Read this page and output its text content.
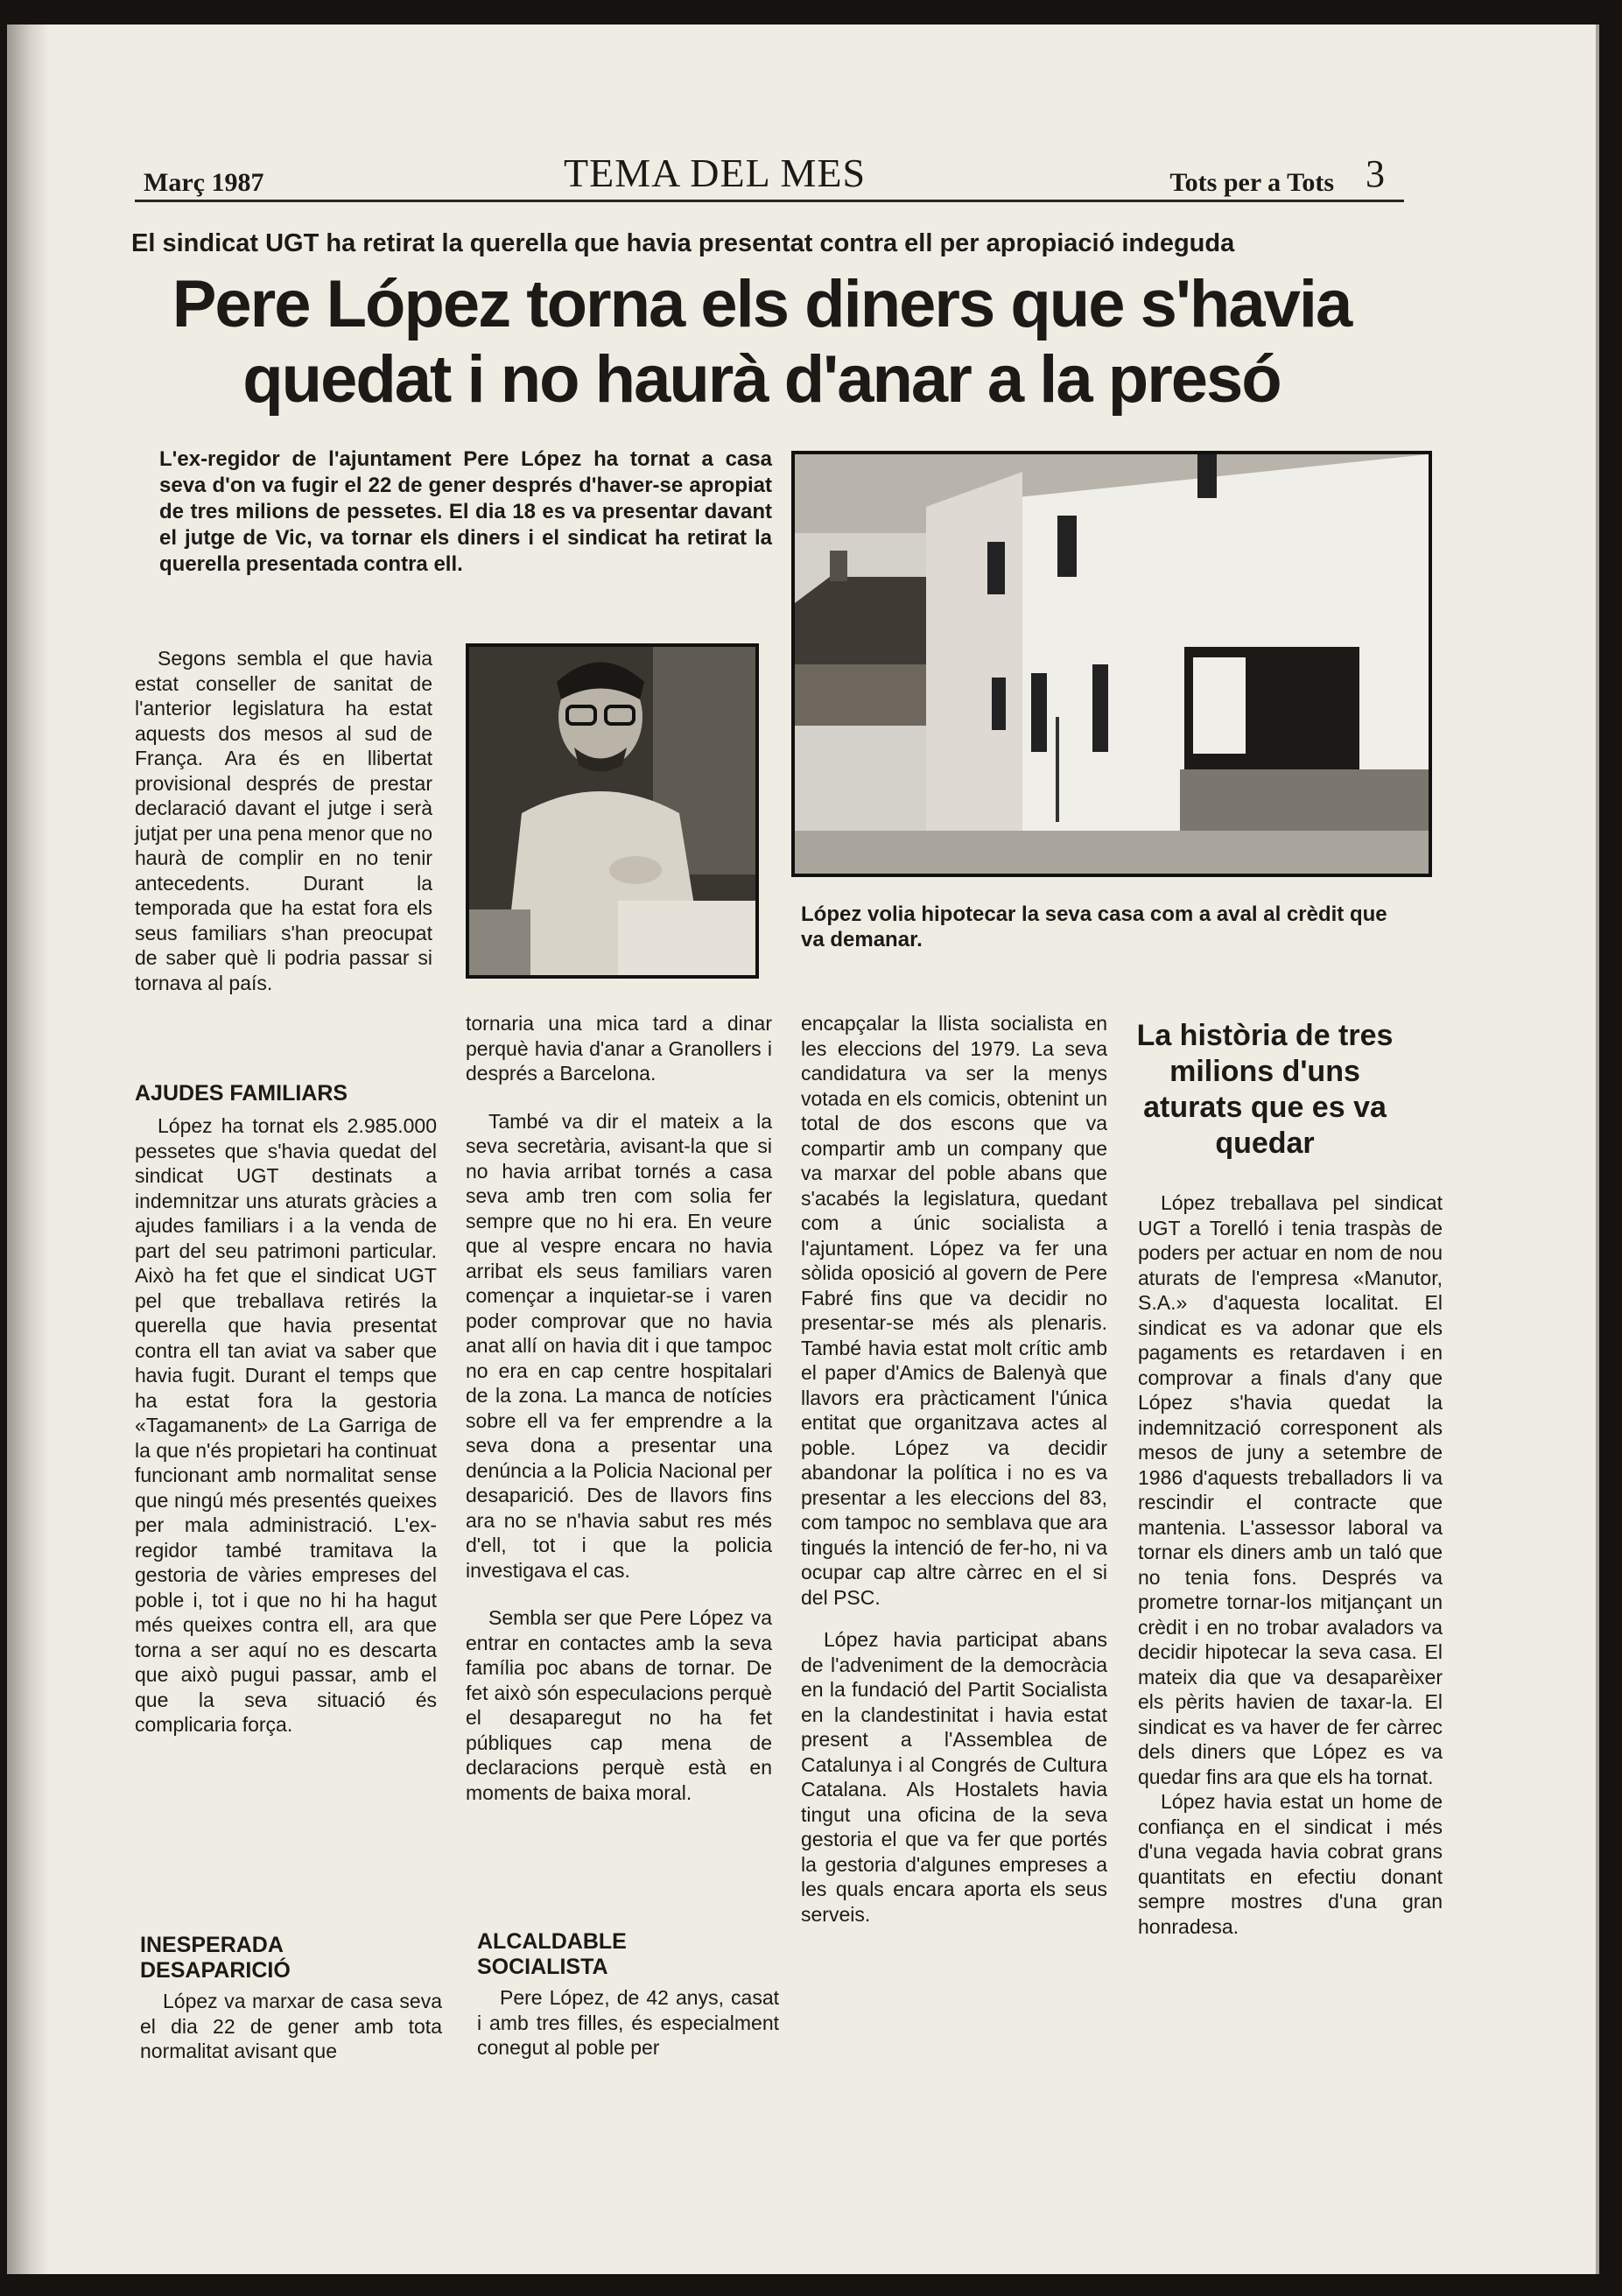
Març 1987	TEMA DEL MES	Tots per a Tots 3
El sindicat UGT ha retirat la querella que havia presentat contra ell per apropiació indeguda
Pere López torna els diners que s'havia
quedat i no haurà d'anar a la presó
L'ex-regidor de l'ajuntament Pere López ha tornat a casa seva d'on va fugir el 22 de gener després d'haver-se apropiat de tres milions de pessetes. El dia 18 es va presentar davant el jutge de Vic, va tornar els diners i el sindicat ha retirat la querella presentada contra ell.
López volia hipotecar la seva casa com a aval al crèdit que va demanar.

Segons sembla el que havia estat conseller de sanitat de l'anterior legislatura ha estat aquests dos mesos al sud de França. Ara és en llibertat provisional després de prestar declaració davant el jutge i serà jutjat per una pena menor que no haurà de complir en no tenir antecedents. Durant la temporada que ha estat fora els seus familiars s'han preocupat de saber què li podria passar si tornava al país.

AJUDES FAMILIARS

López ha tornat els 2.985.000 pessetes que s'havia quedat del sindicat UGT destinats a indemnitzar uns aturats gràcies a ajudes familiars i a la venda de part del seu patrimoni particular. Això ha fet que el sindicat UGT pel que treballava retirés la querella que havia presentat contra ell tan aviat va saber que havia fugit. Durant el temps que ha estat fora la gestoria «Tagamanent» de La Garriga de la que n'és propietari ha continuat funcionant amb normalitat sense que ningú més presentés queixes per mala administració. L'ex-regidor també tramitava la gestoria de vàries empreses del poble i, tot i que no hi ha hagut més queixes contra ell, ara que torna a ser aquí no es descarta que això pugui passar, amb el que la seva situació és complicaria força.

INESPERADA DESAPARICIÓ

López va marxar de casa seva el dia 22 de gener amb tota normalitat avisant que

tornaria una mica tard a dinar perquè havia d'anar a Granollers i després a Barcelona.

També va dir el mateix a la seva secretària, avisant-la que si no havia arribat tornés a casa seva amb tren com solia fer sempre que no hi era. En veure que al vespre encara no havia arribat els seus familiars varen començar a inquietar-se i varen poder comprovar que no havia anat allí on havia dit i que tampoc no era en cap centre hospitalari de la zona. La manca de notícies sobre ell va fer emprendre a la seva dona a presentar una denúncia a la Policia Nacional per desaparició. Des de llavors fins ara no se n'havia sabut res més d'ell, tot i que la policia investigava el cas.

Sembla ser que Pere López va entrar en contactes amb la seva família poc abans de tornar. De fet això són especulacions perquè el desaparegut no ha fet públiques cap mena de declaracions perquè està en moments de baixa moral.

ALCALDABLE SOCIALISTA

Pere López, de 42 anys, casat i amb tres filles, és especialment conegut al poble per

encapçalar la llista socialista en les eleccions del 1979. La seva candidatura va ser la menys votada en els comicis, obtenint un total de dos escons que va compartir amb un company que va marxar del poble abans que s'acabés la legislatura, quedant com a únic socialista a l'ajuntament. López va fer una sòlida oposició al govern de Pere Fabré fins que va decidir no presentar-se més als plenaris. També havia estat molt crític amb el paper d'Amics de Balenyà que llavors era pràcticament l'única entitat que organitzava actes al poble. López va decidir abandonar la política i no es va presentar a les eleccions del 83, com tampoc no semblava que ara tingués la intenció de fer-ho, ni va ocupar cap altre càrrec en el si del PSC.

López havia participat abans de l'adveniment de la democràcia en la fundació del Partit Socialista en la clandestinitat i havia estat present a l'Assemblea de Catalunya i al Congrés de Cultura Catalana. Als Hostalets havia tingut una oficina de la seva gestoria el que va fer que portés la gestoria d'algunes empreses a les quals encara aporta els seus serveis.

La història de tres milions d'uns aturats que es va quedar

López treballava pel sindicat UGT a Torelló i tenia traspàs de poders per actuar en nom de nou aturats de l'empresa «Manutor, S.A.» d'aquesta localitat. El sindicat es va adonar que els pagaments es retardaven i en comprovar a finals d'any que López s'havia quedat la indemnització corresponent als mesos de juny a setembre de 1986 d'aquests treballadors li va rescindir el contracte que mantenia. L'assessor laboral va tornar els diners amb un taló que no tenia fons. Després va prometre tornar-los mitjançant un crèdit i en no trobar avaladors va decidir hipotecar la seva casa. El mateix dia que va desaparèixer els pèrits havien de taxar-la. El sindicat es va haver de fer càrrec dels diners que López es va quedar fins ara que els ha tornat.

López havia estat un home de confiança en el sindicat i més d'una vegada havia cobrat grans quantitats en efectiu donant sempre mostres d'una gran honradesa.
